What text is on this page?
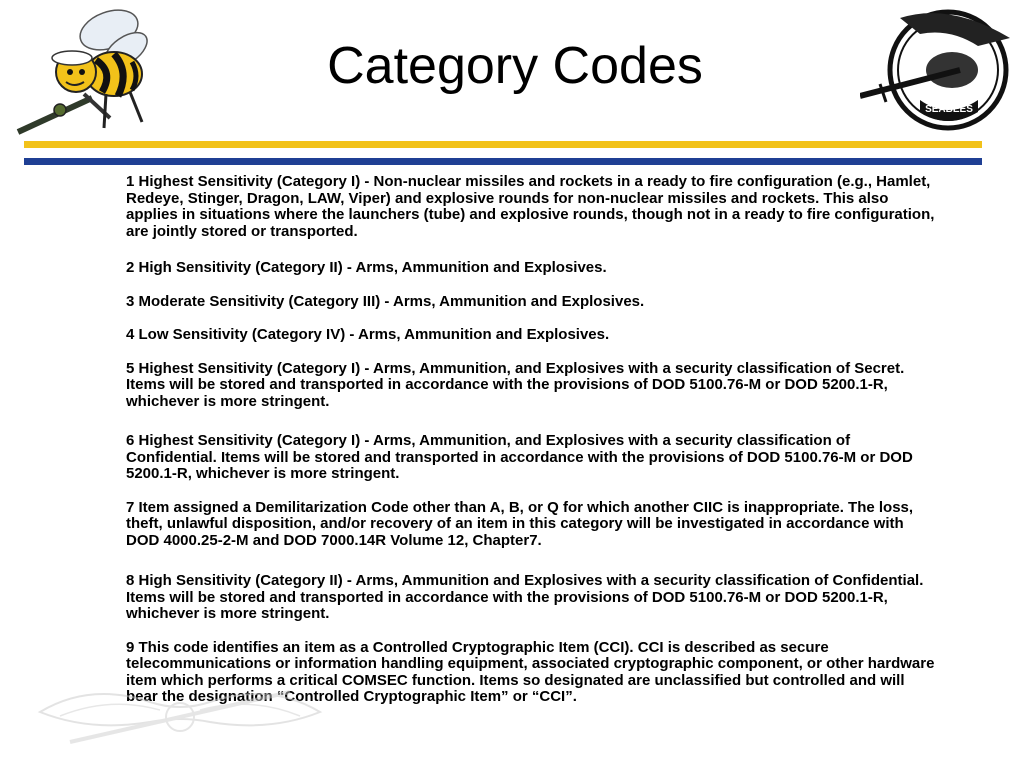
Category Codes
SEABEES

1 Highest Sensitivity (Category I) - Non-nuclear missiles and rockets in a ready to fire configuration (e.g., Hamlet, Redeye, Stinger, Dragon, LAW, Viper) and explosive rounds for non-nuclear missiles and rockets. This also applies in situations where the launchers (tube) and explosive rounds, though not in a ready to fire configuration, are jointly stored or transported.

2 High Sensitivity (Category II) - Arms, Ammunition and Explosives.

3 Moderate Sensitivity (Category III) - Arms, Ammunition and Explosives.

4 Low Sensitivity (Category IV) - Arms, Ammunition and Explosives.

5 Highest Sensitivity (Category I) - Arms, Ammunition, and Explosives with a security classification of Secret. Items will be stored and transported in accordance with the provisions of DOD 5100.76-M or DOD 5200.1-R, whichever is more stringent.

6 Highest Sensitivity (Category I) - Arms, Ammunition, and Explosives with a security classification of Confidential. Items will be stored and transported in accordance with the provisions of DOD 5100.76-M or DOD 5200.1-R, whichever is more stringent.

7 Item assigned a Demilitarization Code other than A, B, or Q for which another CIIC is inappropriate. The loss, theft, unlawful disposition, and/or recovery of an item in this category will be investigated in accordance with DOD 4000.25-2-M and DOD 7000.14R Volume 12, Chapter7.

8 High Sensitivity (Category II) - Arms, Ammunition and Explosives with a security classification of Confidential. Items will be stored and transported in accordance with the provisions of DOD 5100.76-M or DOD 5200.1-R, whichever is more stringent.

9 This code identifies an item as a Controlled Cryptographic Item (CCI). CCI is described as secure telecommunications or information handling equipment, associated cryptographic component, or other hardware item which performs a critical COMSEC function. Items so designated are unclassified but controlled and will bear the designation “Controlled Cryptographic Item” or “CCI”.
